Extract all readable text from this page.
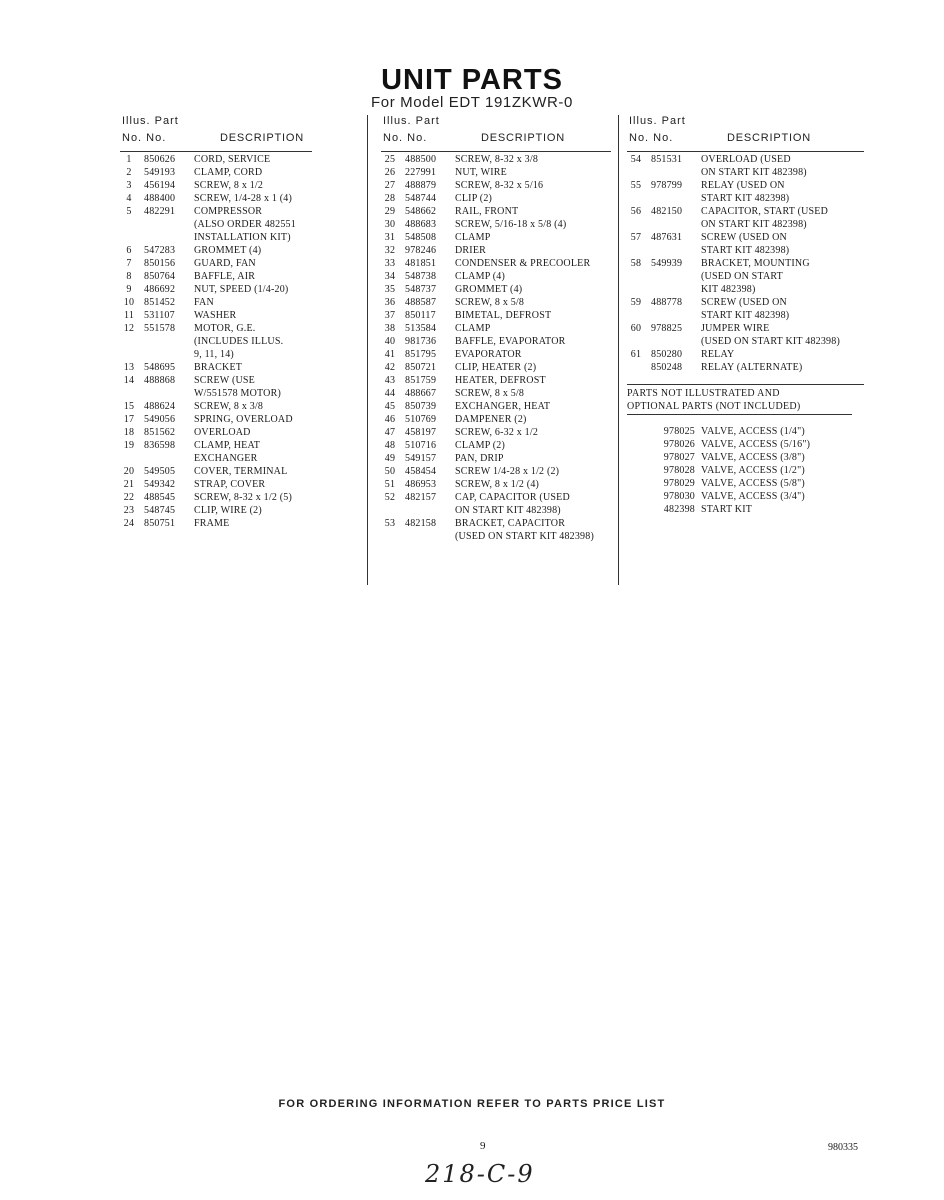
UNIT PARTS
For Model EDT 191ZKWR-0
Illus. Part
No. No.	DESCRIPTION
1	850626	CORD, SERVICE
2	549193	CLAMP, CORD
3	456194	SCREW, 8 x 1/2
4	488400	SCREW, 1/4-28 x 1 (4)
5	482291	COMPRESSOR
(ALSO ORDER 482551
INSTALLATION KIT)
6	547283	GROMMET (4)
7	850156	GUARD, FAN
8	850764	BAFFLE, AIR
9	486692	NUT, SPEED (1/4-20)
10 851452	FAN
11 531107	WASHER
12 551578	MOTOR, G.E.
(INCLUDES ILLUS.
9, 11, 14)
13 548695	BRACKET
14 488868	SCREW (USE
W/551578 MOTOR)
15 488624	SCREW, 8 x 3/8
17 549056	SPRING, OVERLOAD
18 851562	OVERLOAD
19 836598	CLAMP, HEAT
EXCHANGER
20 549505	COVER, TERMINAL
21 549342	STRAP, COVER
22 488545	SCREW, 8-32 x 1/2 (5)
23 548745	CLIP, WIRE (2)
24 850751	FRAME
Illus. Part
No. No.	DESCRIPTION
25 488500	SCREW, 8-32 x 3/8
26 227991	NUT, WIRE
27 488879	SCREW, 8-32 x 5/16
28 548744	CLIP (2)
29 548662	RAIL, FRONT
30 488683	SCREW, 5/16-18 x 5/8 (4)
31 548508	CLAMP
32 978246	DRIER
33 481851	CONDENSER & PRECOOLER
34 548738	CLAMP (4)
35 548737	GROMMET (4)
36 488587	SCREW, 8 x 5/8
37 850117	BIMETAL, DEFROST
38 513584	CLAMP
40 981736	BAFFLE, EVAPORATOR
41 851795	EVAPORATOR
42 850721	CLIP, HEATER (2)
43 851759	HEATER, DEFROST
44 488667	SCREW, 8 x 5/8
45 850739	EXCHANGER, HEAT
46 510769	DAMPENER (2)
47 458197	SCREW, 6-32 x 1/2
48 510716	CLAMP (2)
49 549157	PAN, DRIP
50 458454	SCREW 1/4-28 x 1/2 (2)
51 486953	SCREW, 8 x 1/2 (4)
52 482157	CAP, CAPACITOR (USED
ON START KIT 482398)
53 482158	BRACKET, CAPACITOR
(USED ON START KIT 482398)
Illus. Part
No. No.	DESCRIPTION
54 851531	OVERLOAD (USED
ON START KIT 482398)
55 978799	RELAY (USED ON
START KIT 482398)
56 482150	CAPACITOR, START (USED
ON START KIT 482398)
57 487631	SCREW (USED ON
START KIT 482398)
58 549939	BRACKET, MOUNTING
(USED ON START
KIT 482398)
59 488778	SCREW (USED ON
START KIT 482398)
60 978825	JUMPER WIRE
(USED ON START KIT 482398)
61 850280	RELAY
850248	RELAY (ALTERNATE)
PARTS NOT ILLUSTRATED AND
OPTIONAL PARTS (NOT INCLUDED)
978025 VALVE, ACCESS (1/4")
978026 VALVE, ACCESS (5/16")
978027 VALVE, ACCESS (3/8")
978028 VALVE, ACCESS (1/2")
978029 VALVE, ACCESS (5/8")
978030 VALVE, ACCESS (3/4")
482398 START KIT
FOR ORDERING INFORMATION REFER TO PARTS PRICE LIST
9	980335
218-C-9
